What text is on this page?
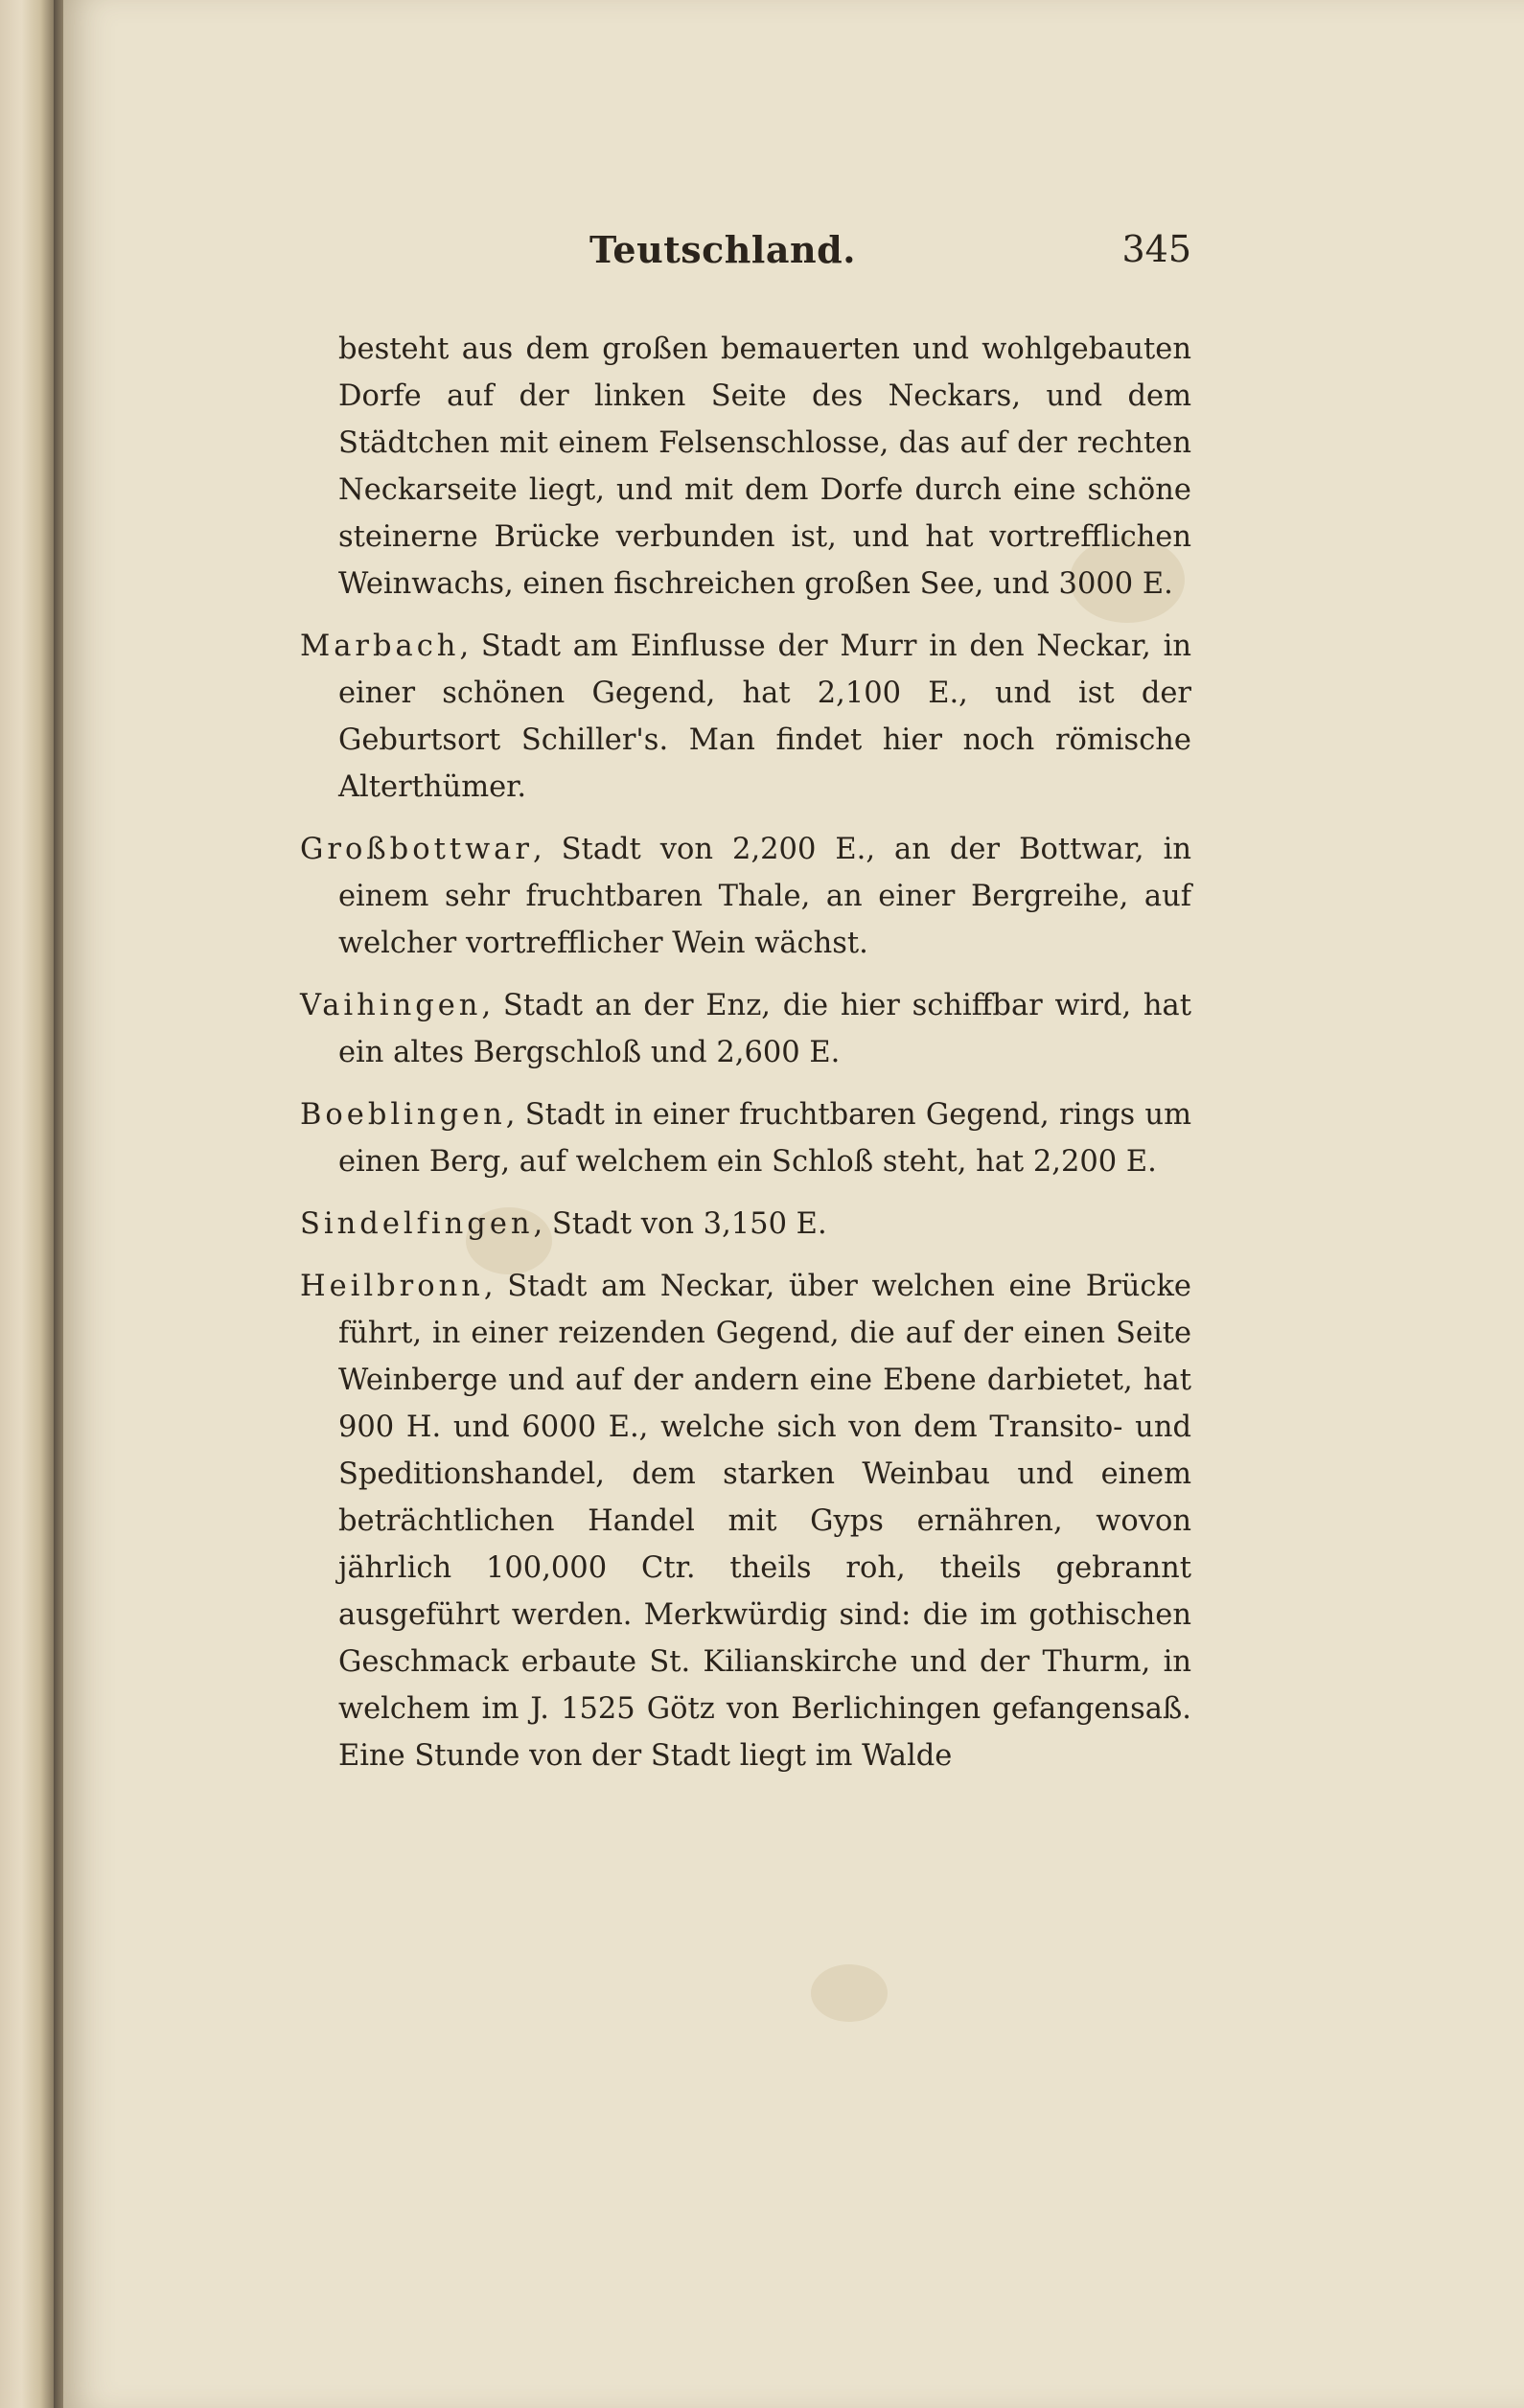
Teutschland.	345

besteht aus dem großen bemauerten und wohlgebauten Dorfe auf der linken Seite des Neckars, und dem Städtchen mit einem Felsenschlosse, das auf der rechten Neckarseite liegt, und mit dem Dorfe durch eine schöne steinerne Brücke verbunden ist, und hat vortrefflichen Weinwachs, einen fischreichen großen See, und 3000 E.

Marbach, Stadt am Einflusse der Murr in den Neckar, in einer schönen Gegend, hat 2,100 E., und ist der Geburtsort Schiller's. Man findet hier noch römische Alterthümer.

Großbottwar, Stadt von 2,200 E., an der Bottwar, in einem sehr fruchtbaren Thale, an einer Bergreihe, auf welcher vortrefflicher Wein wächst.

Vaihingen, Stadt an der Enz, die hier schiffbar wird, hat ein altes Bergschloß und 2,600 E.

Boeblingen, Stadt in einer fruchtbaren Gegend, rings um einen Berg, auf welchem ein Schloß steht, hat 2,200 E.

Sindelfingen, Stadt von 3,150 E.

Heilbronn, Stadt am Neckar, über welchen eine Brücke führt, in einer reizenden Gegend, die auf der einen Seite Weinberge und auf der andern eine Ebene darbietet, hat 900 H. und 6000 E., welche sich von dem Transito- und Speditionshandel, dem starken Weinbau und einem beträchtlichen Handel mit Gyps ernähren, wovon jährlich 100,000 Ctr. theils roh, theils gebrannt ausgeführt werden. Merkwürdig sind: die im gothischen Geschmack erbaute St. Kilianskirche und der Thurm, in welchem im J. 1525 Götz von Berlichingen gefangensaß. Eine Stunde von der Stadt liegt im Walde
